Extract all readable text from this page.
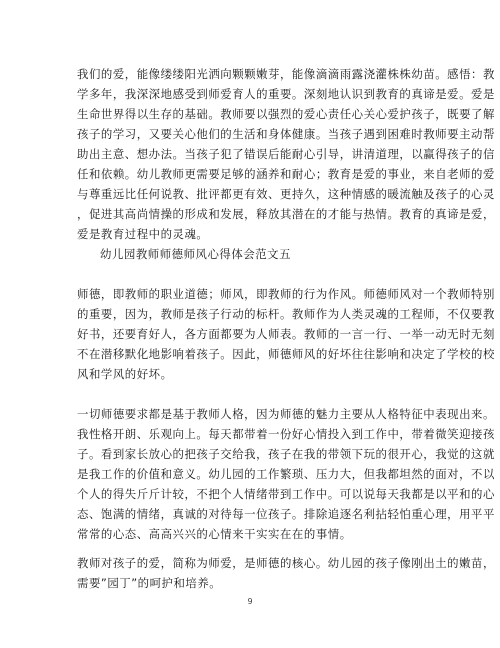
我们的爱，能像缕缕阳光洒向颗颗嫩芽，能像滴滴雨露浇灌株株幼苗。感悟：教
学多年，我深深地感受到师爱育人的重要。深刻地认识到教育的真谛是爱。爱是
生命世界得以生存的基础。教师要以强烈的爱心责任心关心爱护孩子，既要了解
孩子的学习，又要关心他们的生活和身体健康。当孩子遇到困难时教师要主动帮
助出主意、想办法。当孩子犯了错误后能耐心引导，讲清道理，以赢得孩子的信
任和依赖。幼儿教师更需要足够的涵养和耐心；教育是爱的事业，来自老师的爱
与尊重远比任何说教、批评都更有效、更持久，这种情感的暖流触及孩子的心灵
，促进其高尚情操的形成和发展，释放其潜在的才能与热情。教育的真谛是爱，
爱是教育过程中的灵魂。
幼儿园教师师德师风心得体会范文五
师德，即教师的职业道德；师风，即教师的行为作风。师德师风对一个教师特别
的重要，因为，教师是孩子行动的标杆。教师作为人类灵魂的工程师，不仅要教
好书，还要育好人，各方面都要为人师表。教师的一言一行、一举一动无时无刻
不在潜移默化地影响着孩子。因此，师德师风的好坏往往影响和决定了学校的校
风和学风的好坏。
一切师德要求都是基于教师人格，因为师德的魅力主要从人格特征中表现出来。
我性格开朗、乐观向上。每天都带着一份好心情投入到工作中，带着微笑迎接孩
子。看到家长放心的把孩子交给我，孩子在我的带领下玩的很开心，我觉的这就
是我工作的价值和意义。幼儿园的工作繁琐、压力大，但我都坦然的面对，不以
个人的得失斤斤计较，不把个人情绪带到工作中。可以说每天我都是以平和的心
态、饱满的情绪，真诚的对待每一位孩子。排除追逐名利拈轻怕重心理，用平平
常常的心态、高高兴兴的心情来干实实在在的事情。
教师对孩子的爱，简称为师爱，是师德的核心。幼儿园的孩子像刚出土的嫩苗，
需要”园丁”的呵护和培养。
9
